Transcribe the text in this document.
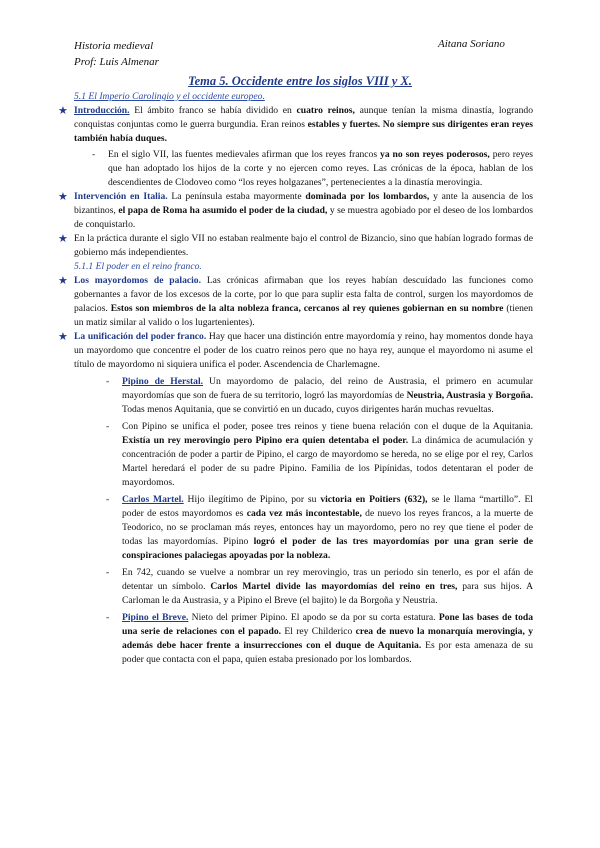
Historia medieval
Prof: Luis Almenar
Aitana Soriano
Tema 5. Occidente entre los siglos VIII y X.
5.1 El Imperio Carolingio y el occidente europeo.
★ Introducción. El ámbito franco se había dividido en cuatro reinos, aunque tenían la misma dinastía, logrando conquistas conjuntas como le guerra burgundia. Eran reinos estables y fuertes. No siempre sus dirigentes eran reyes también había duques.
-	En el siglo VII, las fuentes medievales afirman que los reyes francos ya no son reyes poderosos, pero reyes que han adoptado los hijos de la corte y no ejercen como reyes. Las crónicas de la época, hablan de los descendientes de Clodoveo como “los reyes holgazanes”, pertenecientes a la dinastía merovingia.
★ Intervención en Italia. La península estaba mayormente dominada por los lombardos, y ante la ausencia de los bizantinos, el papa de Roma ha asumido el poder de la ciudad, y se muestra agobiado por el deseo de los lombardos de conquistarlo.
★ En la práctica durante el siglo VII no estaban realmente bajo el control de Bizancio, sino que habían logrado formas de gobierno más independientes.
5.1.1 El poder en el reino franco.
★ Los mayordomos de palacio. Las crónicas afirmaban que los reyes habían descuidado las funciones como gobernantes a favor de los excesos de la corte, por lo que para suplir esta falta de control, surgen los mayordomos de palacios. Estos son miembros de la alta nobleza franca, cercanos al rey quienes gobiernan en su nombre (tienen un matiz similar al valido o los lugartenientes).
★ La unificación del poder franco. Hay que hacer una distinción entre mayordomía y reino, hay momentos donde haya un mayordomo que concentre el poder de los cuatro reinos pero que no haya rey, aunque el mayordomo ni asume el título de mayordomo ni siquiera unifica el poder. Ascendencia de Charlemagne.
-	Pipino de Herstal. Un mayordomo de palacio, del reino de Austrasia, el primero en acumular mayordomías que son de fuera de su territorio, logró las mayordomías de Neustria, Austrasia y Borgoña. Todas menos Aquitania, que se convirtió en un ducado, cuyos dirigentes harán muchas revueltas.
-	Con Pipino se unifica el poder, posee tres reinos y tiene buena relación con el duque de la Aquitania. Existía un rey merovingio pero Pipino era quien detentaba el poder. La dinámica de acumulación y concentración de poder a partir de Pipino, el cargo de mayordomo se hereda, no se elige por el rey, Carlos Martel heredará el poder de su padre Pipino. Familia de los Pipínidas, todos detentaran el poder de mayordomos.
-	Carlos Martel. Hijo ilegítimo de Pipino, por su victoria en Poitiers (632), se le llama “martillo”. El poder de estos mayordomos es cada vez más incontestable, de nuevo los reyes francos, a la muerte de Teodorico, no se proclaman más reyes, entonces hay un mayordomo, pero no rey que tiene el poder de todas las mayordomías. Pipino logró el poder de las tres mayordomías por una gran serie de conspiraciones palaciegas apoyadas por la nobleza.
-	En 742, cuando se vuelve a nombrar un rey merovingio, tras un periodo sin tenerlo, es por el afán de detentar un símbolo. Carlos Martel divide las mayordomías del reino en tres, para sus hijos. A Carloman le da Austrasia, y a Pipino el Breve (el bajito) le da Borgoña y Neustria.
-	Pipino el Breve. Nieto del primer Pipino. El apodo se da por su corta estatura. Pone las bases de toda una serie de relaciones con el papado. El rey Childerico crea de nuevo la monarquía merovingia, y además debe hacer frente a insurrecciones con el duque de Aquitania. Es por esta amenaza de su poder que contacta con el papa, quien estaba presionado por los lombardos.
